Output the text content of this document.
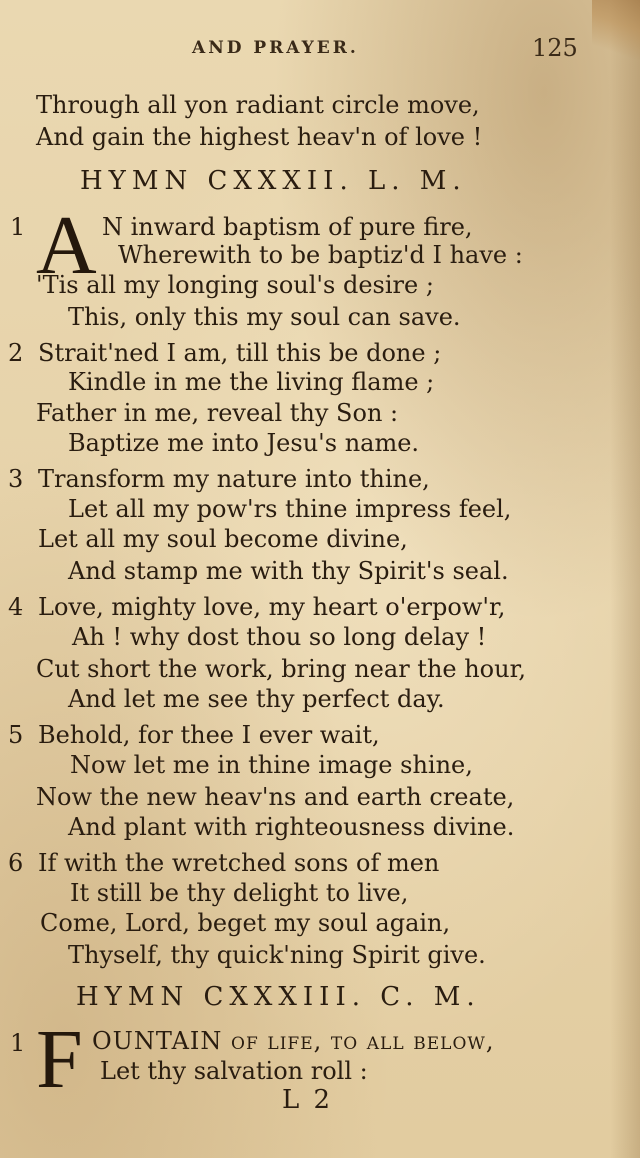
AND PRAYER.	125
Through all yon radiant circle move,
And gain the highest heav'n of love !
HYMN CXXXII. L. M.
1 A N inward baptism of pure fire,
Wherewith to be baptiz'd I have :
'Tis all my longing soul's desire ;
This, only this my soul can save.
2 Strait'ned I am, till this be done ;
Kindle in me the living flame ;
Father in me, reveal thy Son :
Baptize me into Jesu's name.
3 Transform my nature into thine,
Let all my pow'rs thine impress feel,
Let all my soul become divine,
And stamp me with thy Spirit's seal.
4 Love, mighty love, my heart o'erpow'r,
Ah ! why dost thou so long delay !
Cut short the work, bring near the hour,
And let me see thy perfect day.
5 Behold, for thee I ever wait,
Now let me in thine image shine,
Now the new heav'ns and earth create,
And plant with righteousness divine.
6 If with the wretched sons of men
It still be thy delight to live,
Come, Lord, beget my soul again,
Thyself, thy quick'ning Spirit give.
HYMN CXXXIII. C. M.
1 F OUNTAIN of life, to all below,
Let thy salvation roll :
L 2
